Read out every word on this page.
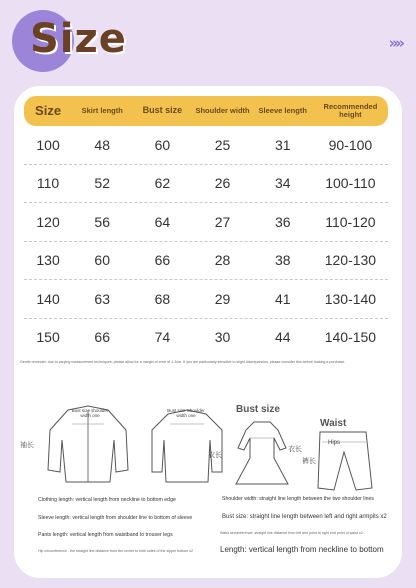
Size	»»
Size	Skirt length	Bust size	Shoulder width	Sleeve length	Recommended height
100	48	60	25	31	90-100
110	52	62	26	34	100-110
120	56	64	27	36	110-120
130	60	66	28	38	120-130
140	63	68	29	41	130-140
150	66	74	30	44	140-150
Gentle reminder: due to varying measurement techniques, please allow for a margin of error of 1-3cm. If you are particularly sensitive to slight discrepancies, please consider this before making a purchase.
Bust size shoulder width one
袖长
Bust size Shoulder width one
衣长
Bust size
衣长
Waist
Hips
裤长
Clothing length: vertical length from neckline to bottom edge
Sleeve length: vertical length from shoulder line to bottom of sleeve
Pants length: vertical length from waistband to trouser legs
Hip circumference - the straight line distance from the center to both sides of the zipper bottom x2
Shoulder width: straight line length between the two shoulder lines
Bust size: straight line length between left and right armpits x2
Waist circumference: straight line distance from left and point to right end point of waist x2
Length: vertical length from neckline to bottom
